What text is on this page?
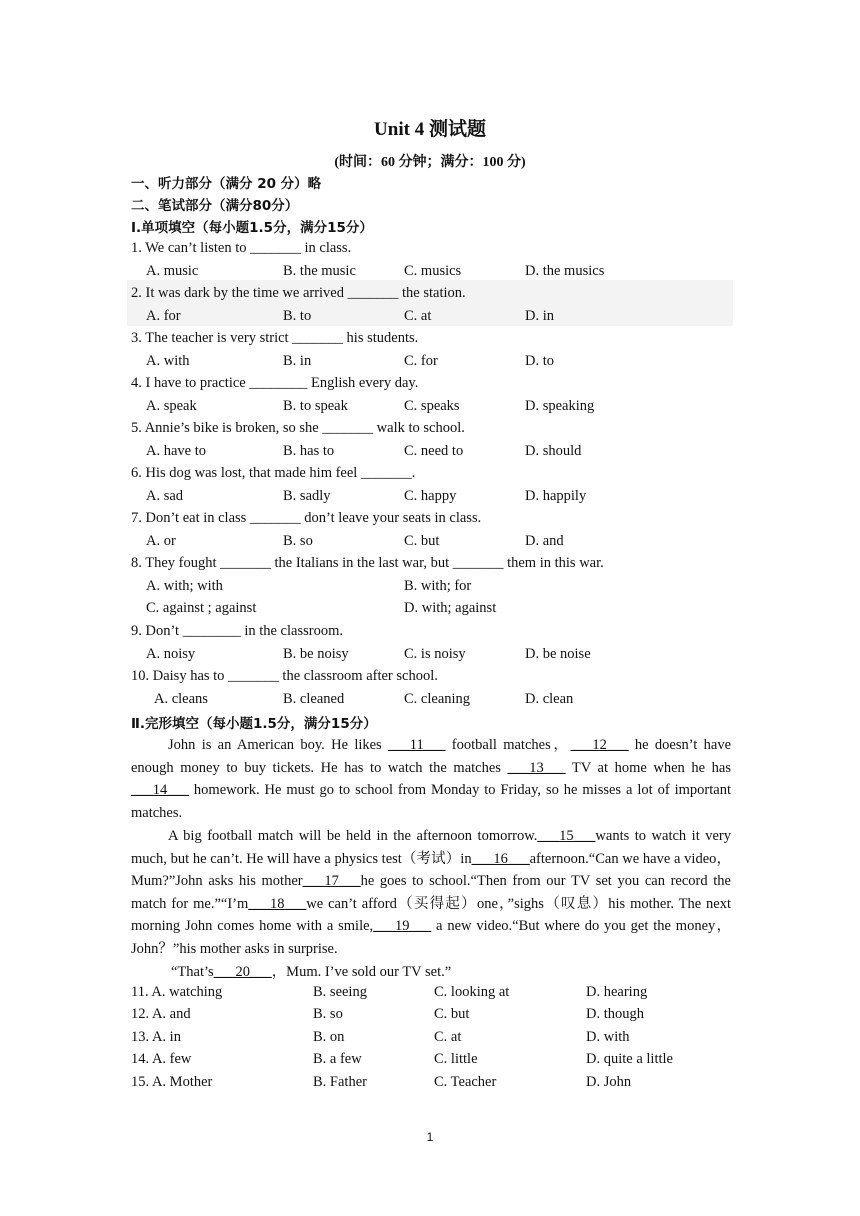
Unit 4 测试题
(时间：60 分钟；满分：100 分)
一、听力部分（满分 20 分）略
二、笔试部分（满分80分）
Ⅰ.单项填空（每小题1.5分，满分15分）
1. We can’t listen to _______ in class.
A. music	B. the music	C. musics	D. the musics
2. It was dark by the time we arrived _______ the station.
A. for	B. to	C. at	D. in
3. The teacher is very strict _______ his students.
A. with	B. in	C. for	D. to
4. I have to practice ________ English every day.
A. speak	B. to speak	C. speaks	D. speaking
5. Annie’s bike is broken, so she _______ walk to school.
A. have to	B. has to	C. need to	D. should
6. His dog was lost, that made him feel _______.
A. sad	B. sadly	C. happy	D. happily
7. Don’t eat in class _______ don’t leave your seats in class.
A. or	B. so	C. but	D. and
8. They fought _______ the Italians in the last war, but _______ them in this war.
A. with; with	B. with; for
C. against ; against	D. with; against
9. Don’t ________ in the classroom.
A. noisy	B. be noisy	C. is noisy	D. be noise
10. Daisy has to _______ the classroom after school.
A. cleans	B. cleaned	C. cleaning	D. clean
Ⅱ.完形填空（每小题1.5分，满分15分）
John is an American boy. He likes ___11___ football matches，___12___ he doesn’t have enough money to buy tickets. He has to watch the matches ___13___ TV at home when he has ___14___ homework. He must go to school from Monday to Friday, so he misses a lot of important matches.
A big football match will be held in the afternoon tomorrow.___15___wants to watch it very much, but he can’t. He will have a physics test（考试）in___16___afternoon.“Can we have a video，Mum?”John asks his mother___17___he goes to school.“Then from our TV set you can record the match for me.”“I’m___18___we can’t afford（买得起）one，”sighs（叹息）his mother. The next morning John comes home with a smile,___19___ a new video.“But where do you get the money，John？”his mother asks in surprise.
“That’s___20___，Mum. I’ve sold our TV set.”
11. A. watching	B. seeing	C. looking at	D. hearing
12. A. and	B. so	C. but	D. though
13. A. in	B. on	C. at	D. with
14. A. few	B. a few	C. little	D. quite a little
15. A. Mother	B. Father	C. Teacher	D. John
1
